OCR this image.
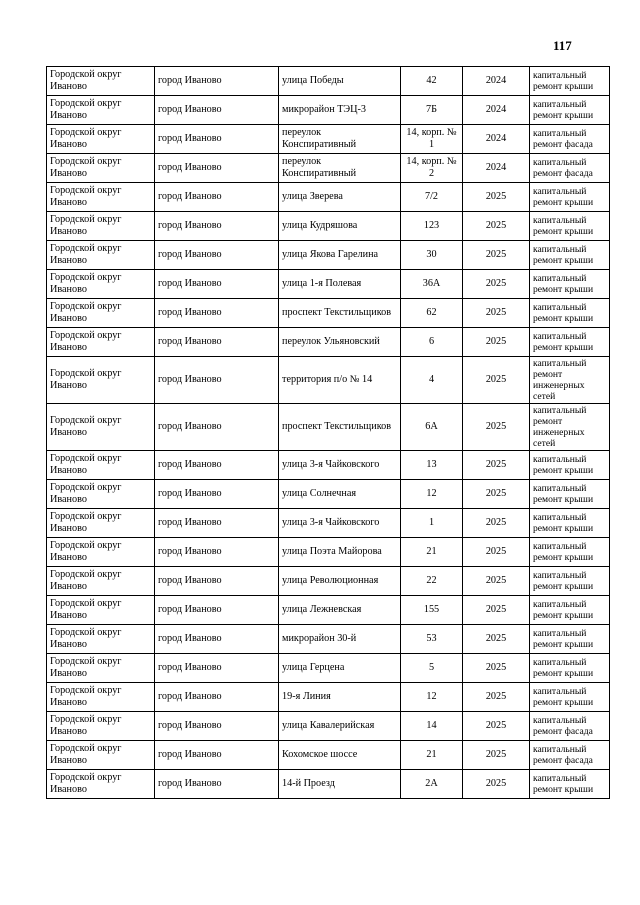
117
Городской округ Иваново	город Иваново	улица Победы	42	2024	капитальный ремонт крыши
Городской округ Иваново	город Иваново	микрорайон ТЭЦ-3	7Б	2024	капитальный ремонт крыши
Городской округ Иваново	город Иваново	переулок Конспиративный	14, корп. № 1	2024	капитальный ремонт фасада
Городской округ Иваново	город Иваново	переулок Конспиративный	14, корп. № 2	2024	капитальный ремонт фасада
Городской округ Иваново	город Иваново	улица Зверева	7/2	2025	капитальный ремонт крыши
Городской округ Иваново	город Иваново	улица Кудряшова	123	2025	капитальный ремонт крыши
Городской округ Иваново	город Иваново	улица Якова Гарелина	30	2025	капитальный ремонт крыши
Городской округ Иваново	город Иваново	улица 1-я Полевая	36А	2025	капитальный ремонт крыши
Городской округ Иваново	город Иваново	проспект Текстильщиков	62	2025	капитальный ремонт крыши
Городской округ Иваново	город Иваново	переулок Ульяновский	6	2025	капитальный ремонт крыши
Городской округ Иваново	город Иваново	территория п/о № 14	4	2025	капитальный ремонт инженерных сетей
Городской округ Иваново	город Иваново	проспект Текстильщиков	6А	2025	капитальный ремонт инженерных сетей
Городской округ Иваново	город Иваново	улица 3-я Чайковского	13	2025	капитальный ремонт крыши
Городской округ Иваново	город Иваново	улица Солнечная	12	2025	капитальный ремонт крыши
Городской округ Иваново	город Иваново	улица 3-я Чайковского	1	2025	капитальный ремонт крыши
Городской округ Иваново	город Иваново	улица Поэта Майорова	21	2025	капитальный ремонт крыши
Городской округ Иваново	город Иваново	улица Революционная	22	2025	капитальный ремонт крыши
Городской округ Иваново	город Иваново	улица Лежневская	155	2025	капитальный ремонт крыши
Городской округ Иваново	город Иваново	микрорайон 30-й	53	2025	капитальный ремонт крыши
Городской округ Иваново	город Иваново	улица Герцена	5	2025	капитальный ремонт крыши
Городской округ Иваново	город Иваново	19-я Линия	12	2025	капитальный ремонт крыши
Городской округ Иваново	город Иваново	улица Кавалерийская	14	2025	капитальный ремонт фасада
Городской округ Иваново	город Иваново	Кохомское шоссе	21	2025	капитальный ремонт фасада
Городской округ Иваново	город Иваново	14-й Проезд	2А	2025	капитальный ремонт крыши
